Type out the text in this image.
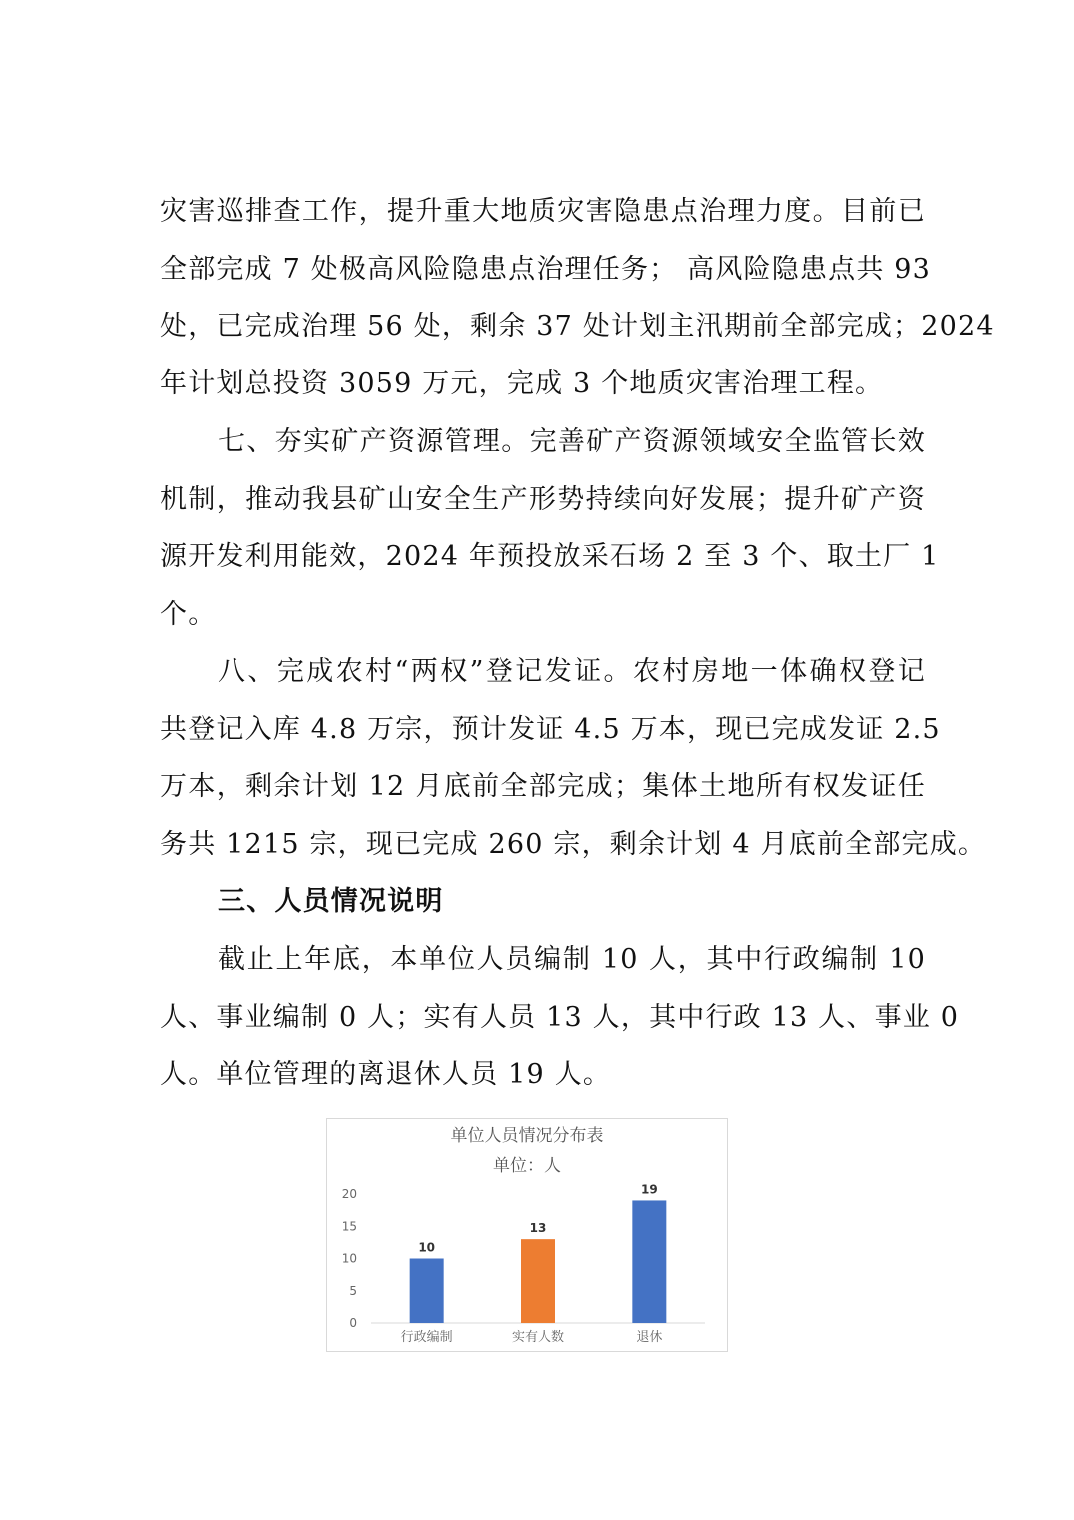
灾害巡排查工作，提升重大地质灾害隐患点治理力度。目前已
全部完成 7 处极高风险隐患点治理任务； 高风险隐患点共 93
处，已完成治理 56 处，剩余 37 处计划主汛期前全部完成；2024
年计划总投资 3059 万元，完成 3 个地质灾害治理工程。
七、夯实矿产资源管理。完善矿产资源领域安全监管长效
机制，推动我县矿山安全生产形势持续向好发展；提升矿产资
源开发利用能效，2024 年预投放采石场 2 至 3 个、取土厂 1
个。
八、完成农村“两权”登记发证。农村房地一体确权登记
共登记入库 4.8 万宗，预计发证 4.5 万本，现已完成发证 2.5
万本，剩余计划 12 月底前全部完成；集体土地所有权发证任
务共 1215 宗，现已完成 260 宗，剩余计划 4 月底前全部完成。
三、人员情况说明
截止上年底，本单位人员编制 10 人，其中行政编制 10
人、事业编制 0 人；实有人员 13 人，其中行政 13 人、事业 0
人。单位管理的离退休人员 19 人。
单位人员情况分布表
单位：人
0
5
10
15
20
10
行政编制
13
实有人数
19
退休
